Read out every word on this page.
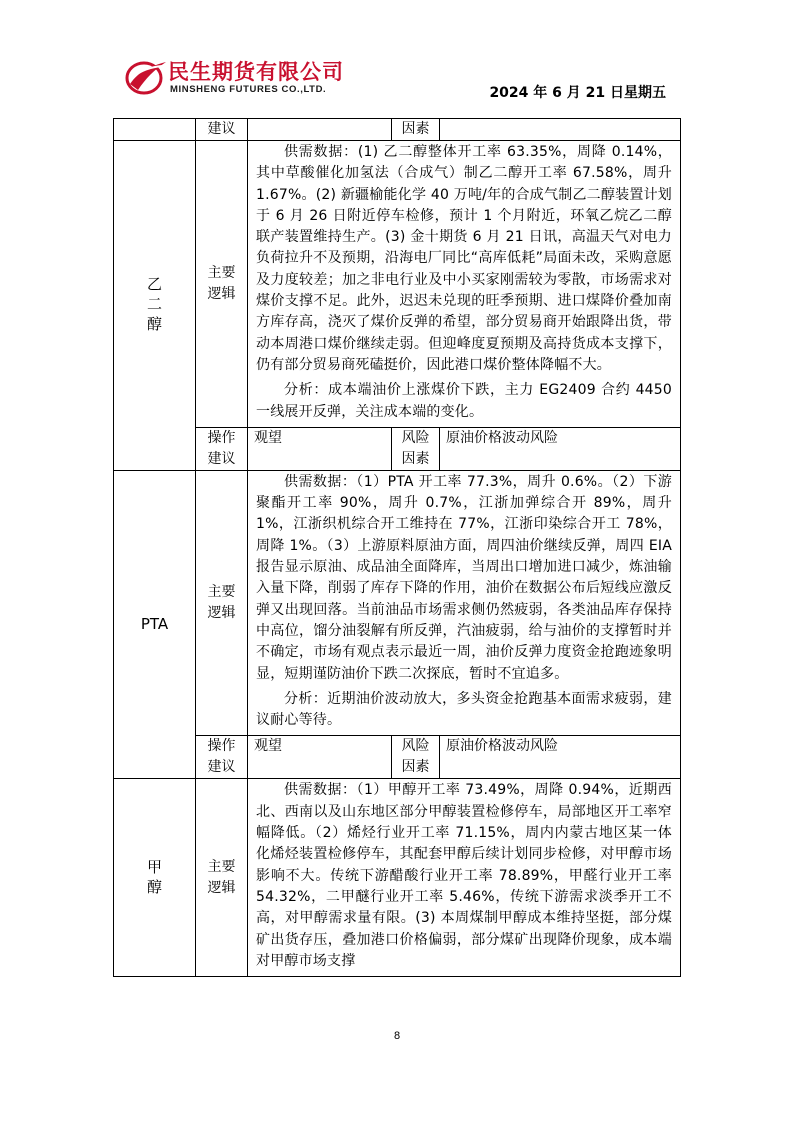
民生期货有限公司
MINSHENG FUTURES CO.,LTD.	2024 年 6 月 21 日星期五
	建议		因素	
乙二醇	主要逻辑	供需数据：(1) 乙二醇整体开工率 63.35%，周降 0.14%，其中草酸催化加氢法（合成气）制乙二醇开工率 67.58%，周升 1.67%。(2) 新疆榆能化学 40 万吨/年的合成气制乙二醇装置计划于 6 月 26 日附近停车检修，预计 1 个月附近，环氧乙烷乙二醇联产装置维持生产。(3) 金十期货 6 月 21 日讯，高温天气对电力负荷拉升不及预期，沿海电厂同比“高库低耗”局面未改，采购意愿及力度较差；加之非电行业及中小买家刚需较为零散，市场需求对煤价支撑不足。此外，迟迟未兑现的旺季预期、进口煤降价叠加南方库存高，浇灭了煤价反弹的希望，部分贸易商开始跟降出货，带动本周港口煤价继续走弱。但迎峰度夏预期及高持货成本支撑下，仍有部分贸易商死磕挺价，因此港口煤价整体降幅不大。

分析：成本端油价上涨煤价下跌，主力 EG2409 合约 4450 一线展开反弹，关注成本端的变化。		

	操作建议	观望	风险因素	原油价格波动风险
PTA	主要逻辑	供需数据：（1）PTA 开工率 77.3%，周升 0.6%。（2）下游聚酯开工率 90%，周升 0.7%，江浙加弹综合开 89%，周升 1%，江浙织机综合开工维持在 77%，江浙印染综合开工 78%，周降 1%。（3）上游原料原油方面，周四油价继续反弹，周四 EIA 报告显示原油、成品油全面降库，当周出口增加进口减少，炼油输入量下降，削弱了库存下降的作用，油价在数据公布后短线应激反弹又出现回落。当前油品市场需求侧仍然疲弱，各类油品库存保持中高位，馏分油裂解有所反弹，汽油疲弱，给与油价的支撑暂时并不确定，市场有观点表示最近一周，油价反弹力度资金抢跑迹象明显，短期谨防油价下跌二次探底，暂时不宜追多。

分析：近期油价波动放大，多头资金抢跑基本面需求疲弱，建议耐心等待。		

	操作建议	观望	风险因素	原油价格波动风险
甲醇	主要逻辑	供需数据：（1）甲醇开工率 73.49%，周降 0.94%，近期西北、西南以及山东地区部分甲醇装置检修停车，局部地区开工率窄幅降低。（2）烯烃行业开工率 71.15%，周内内蒙古地区某一体化烯烃装置检修停车，其配套甲醇后续计划同步检修，对甲醇市场影响不大。传统下游醋酸行业开工率 78.89%，甲醛行业开工率 54.32%，二甲醚行业开工率 5.46%，传统下游需求淡季开工不高，对甲醇需求量有限。(3) 本周煤制甲醇成本维持坚挺，部分煤矿出货存压，叠加港口价格偏弱，部分煤矿出现降价现象，成本端对甲醇市场支撑		

8
